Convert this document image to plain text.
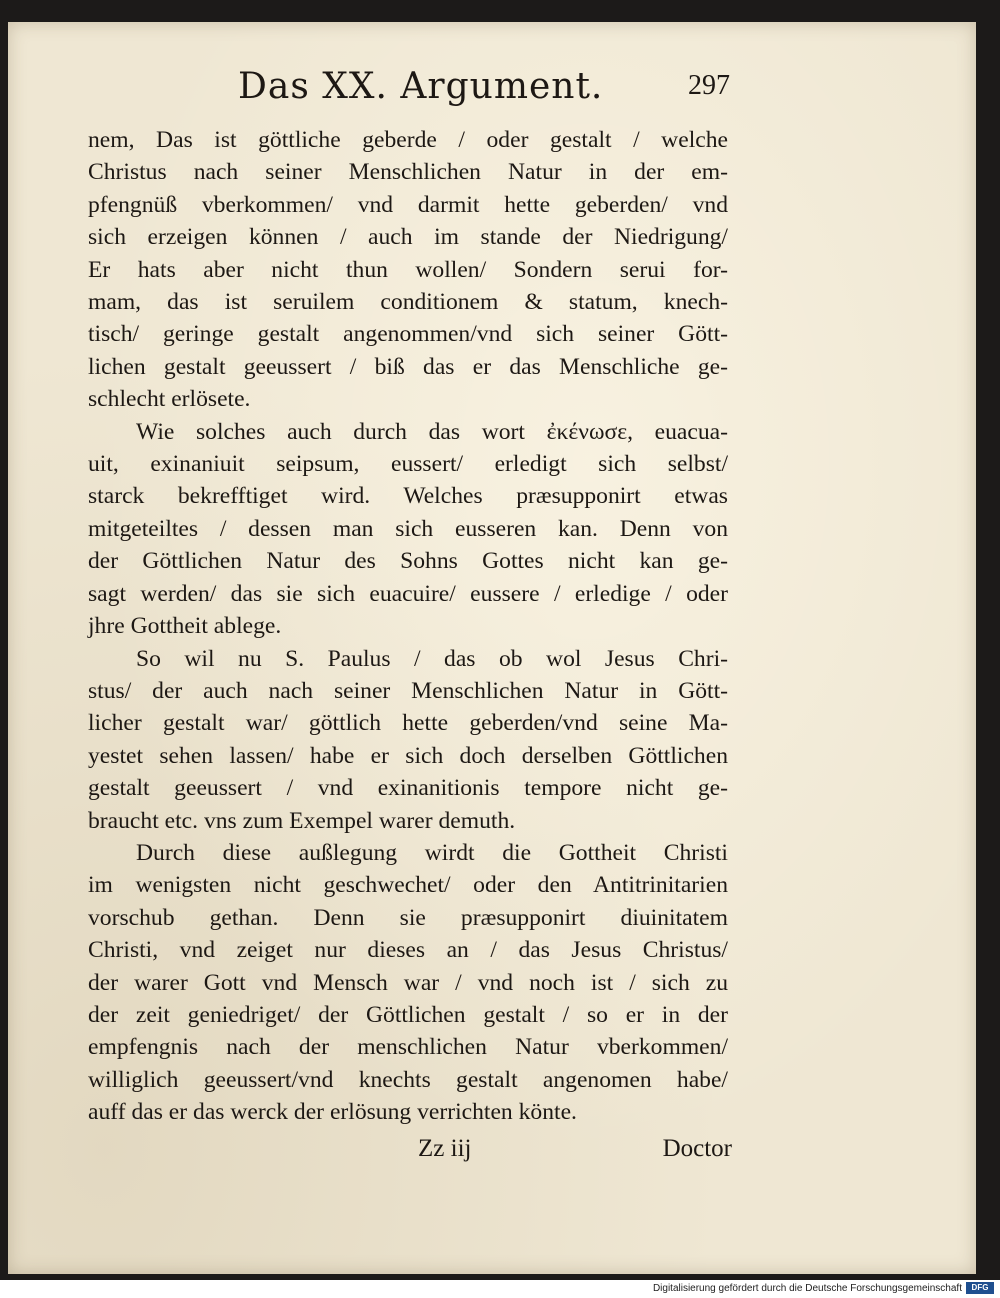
Das XX. Argument.	297

nem, Das ist göttliche geberde / oder gestalt / welche
Christus nach seiner Menschlichen Natur in der em-
pfengnüß vberkommen/ vnd darmit hette geberden/ vnd
sich erzeigen können / auch im stande der Niedrigung/
Er hats aber nicht thun wollen/ Sondern serui for-
mam, das ist seruilem conditionem & statum, knech-
tisch/ geringe gestalt angenommen/vnd sich seiner Gött-
lichen gestalt geeussert / biß das er das Menschliche ge-
schlecht erlösete.

Wie solches auch durch das wort ἐκένωσε, euacua-
uit, exinaniuit seipsum, eussert/ erledigt sich selbst/
starck bekrefftiget wird. Welches præsupponirt etwas
mitgeteiltes / dessen man sich eusseren kan. Denn von
der Göttlichen Natur des Sohns Gottes nicht kan ge-
sagt werden/ das sie sich euacuire/ eussere / erledige / oder
jhre Gottheit ablege.

So wil nu S. Paulus / das ob wol Jesus Chri-
stus/ der auch nach seiner Menschlichen Natur in Gött-
licher gestalt war/ göttlich hette geberden/vnd seine Ma-
yestet sehen lassen/ habe er sich doch derselben Göttlichen
gestalt geeussert / vnd exinanitionis tempore nicht ge-
braucht etc. vns zum Exempel warer demuth.

Durch diese außlegung wirdt die Gottheit Christi
im wenigsten nicht geschwechet/ oder den Antitrinitarien
vorschub gethan. Denn sie præsupponirt diuinitatem
Christi, vnd zeiget nur dieses an / das Jesus Christus/
der warer Gott vnd Mensch war / vnd noch ist / sich zu
der zeit geniedriget/ der Göttlichen gestalt / so er in der
empfengnis nach der menschlichen Natur vberkommen/
williglich geeussert/vnd knechts gestalt angenomen habe/
auff das er das werck der erlösung verrichten könte.

Zz iij	Doctor
Digitalisierung gefördert durch die Deutsche Forschungsgemeinschaft	DFG
